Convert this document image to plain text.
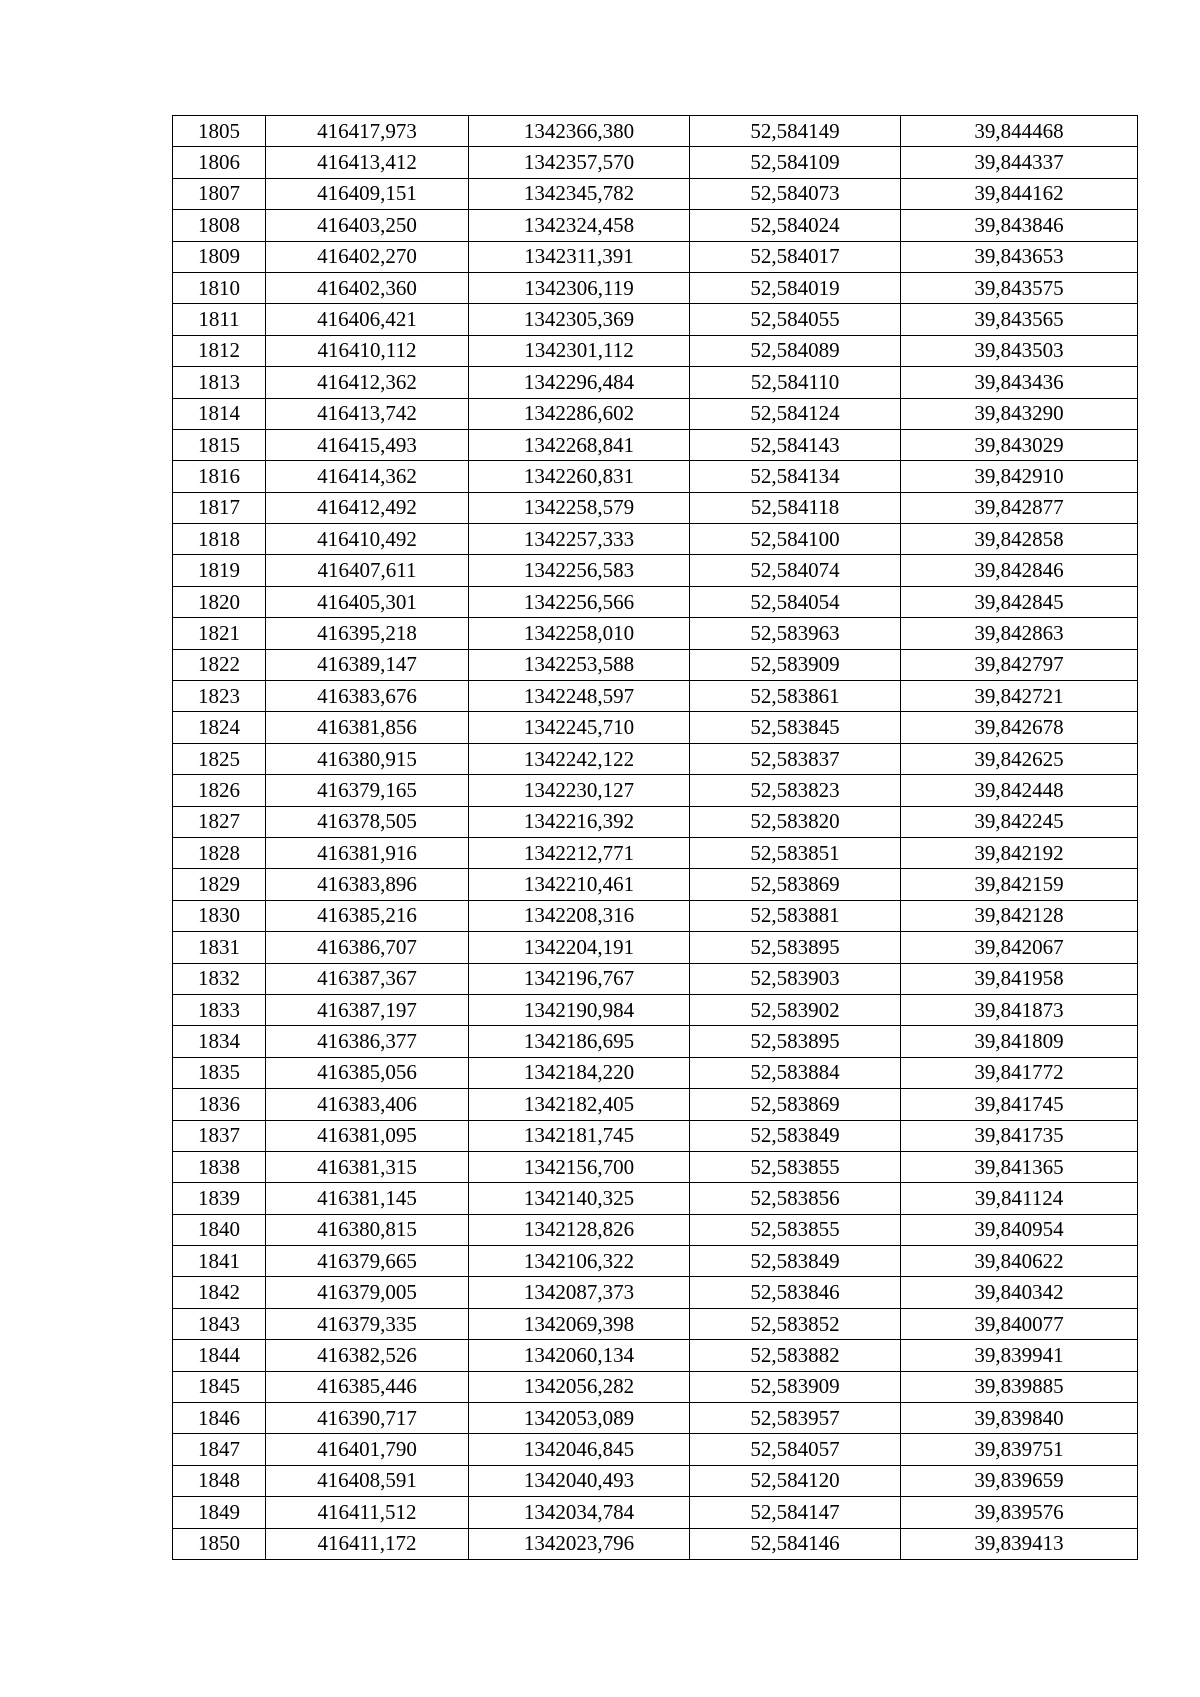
1805	416417,973	1342366,380	52,584149	39,844468
1806	416413,412	1342357,570	52,584109	39,844337
1807	416409,151	1342345,782	52,584073	39,844162
1808	416403,250	1342324,458	52,584024	39,843846
1809	416402,270	1342311,391	52,584017	39,843653
1810	416402,360	1342306,119	52,584019	39,843575
1811	416406,421	1342305,369	52,584055	39,843565
1812	416410,112	1342301,112	52,584089	39,843503
1813	416412,362	1342296,484	52,584110	39,843436
1814	416413,742	1342286,602	52,584124	39,843290
1815	416415,493	1342268,841	52,584143	39,843029
1816	416414,362	1342260,831	52,584134	39,842910
1817	416412,492	1342258,579	52,584118	39,842877
1818	416410,492	1342257,333	52,584100	39,842858
1819	416407,611	1342256,583	52,584074	39,842846
1820	416405,301	1342256,566	52,584054	39,842845
1821	416395,218	1342258,010	52,583963	39,842863
1822	416389,147	1342253,588	52,583909	39,842797
1823	416383,676	1342248,597	52,583861	39,842721
1824	416381,856	1342245,710	52,583845	39,842678
1825	416380,915	1342242,122	52,583837	39,842625
1826	416379,165	1342230,127	52,583823	39,842448
1827	416378,505	1342216,392	52,583820	39,842245
1828	416381,916	1342212,771	52,583851	39,842192
1829	416383,896	1342210,461	52,583869	39,842159
1830	416385,216	1342208,316	52,583881	39,842128
1831	416386,707	1342204,191	52,583895	39,842067
1832	416387,367	1342196,767	52,583903	39,841958
1833	416387,197	1342190,984	52,583902	39,841873
1834	416386,377	1342186,695	52,583895	39,841809
1835	416385,056	1342184,220	52,583884	39,841772
1836	416383,406	1342182,405	52,583869	39,841745
1837	416381,095	1342181,745	52,583849	39,841735
1838	416381,315	1342156,700	52,583855	39,841365
1839	416381,145	1342140,325	52,583856	39,841124
1840	416380,815	1342128,826	52,583855	39,840954
1841	416379,665	1342106,322	52,583849	39,840622
1842	416379,005	1342087,373	52,583846	39,840342
1843	416379,335	1342069,398	52,583852	39,840077
1844	416382,526	1342060,134	52,583882	39,839941
1845	416385,446	1342056,282	52,583909	39,839885
1846	416390,717	1342053,089	52,583957	39,839840
1847	416401,790	1342046,845	52,584057	39,839751
1848	416408,591	1342040,493	52,584120	39,839659
1849	416411,512	1342034,784	52,584147	39,839576
1850	416411,172	1342023,796	52,584146	39,839413
